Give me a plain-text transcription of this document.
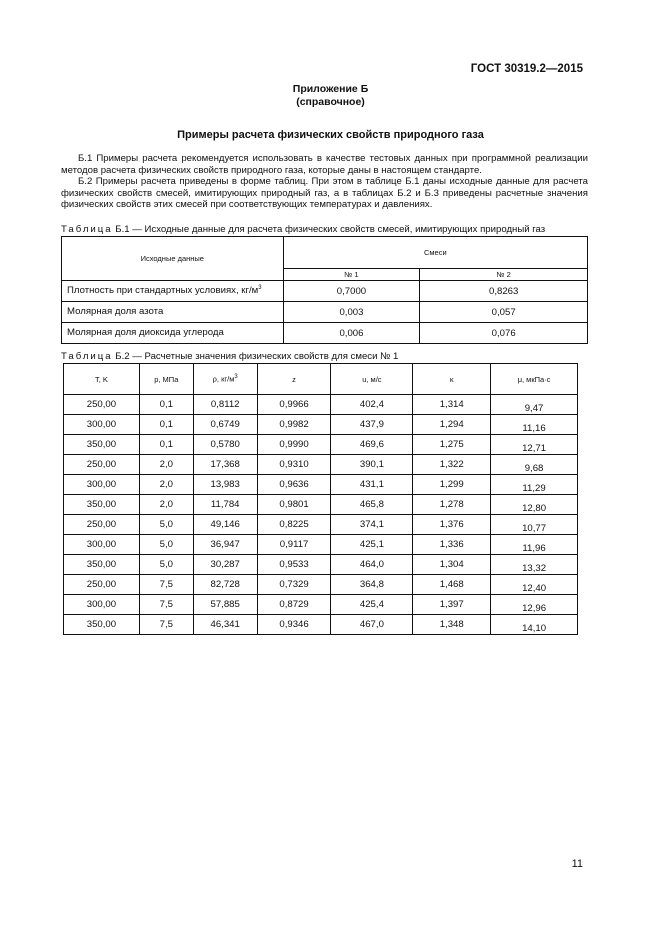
ГОСТ 30319.2—2015
Приложение Б
(справочное)
Примеры расчета физических свойств природного газа

Б.1 Примеры расчета рекомендуется использовать в качестве тестовых данных при программной реализации методов расчета физических свойств природного газа, которые даны в настоящем стандарте.

Б.2 Примеры расчета приведены в форме таблиц. При этом в таблице Б.1 даны исходные данные для расчета физических свойств смесей, имитирующих природный газ, а в таблицах Б.2 и Б.3 приведены расчетные значения физических свойств этих смесей при соответствующих температурах и давлениях.

Таблица Б.1 — Исходные данные для расчета физических свойств смесей, имитирующих природный газ
Исходные данные	Смеси	
	№ 1	№ 2
Плотность при стандартных условиях, $кг/м^3$	0,7000	0,8263
Молярная доля азота	0,003	0,057
Молярная доля диоксида углерода	0,006	0,076
Таблица Б.2 — Расчетные значения физических свойств для смеси № 1
T, K	p, МПа	ρ, $кг/м^3$	z	u, м/с	κ	μ, мкПа·с
250,00	0,1	0,8112	0,9966	402,4	1,314	9,47
300,00	0,1	0,6749	0,9982	437,9	1,294	11,16
350,00	0,1	0,5780	0,9990	469,6	1,275	12,71
250,00	2,0	17,368	0,9310	390,1	1,322	9,68
300,00	2,0	13,983	0,9636	431,1	1,299	11,29
350,00	2,0	11,784	0,9801	465,8	1,278	12,80
250,00	5,0	49,146	0,8225	374,1	1,376	10,77
300,00	5,0	36,947	0,9117	425,1	1,336	11,96
350,00	5,0	30,287	0,9533	464,0	1,304	13,32
250,00	7,5	82,728	0,7329	364,8	1,468	12,40
300,00	7,5	57,885	0,8729	425,4	1,397	12,96
350,00	7,5	46,341	0,9346	467,0	1,348	14,10
11
